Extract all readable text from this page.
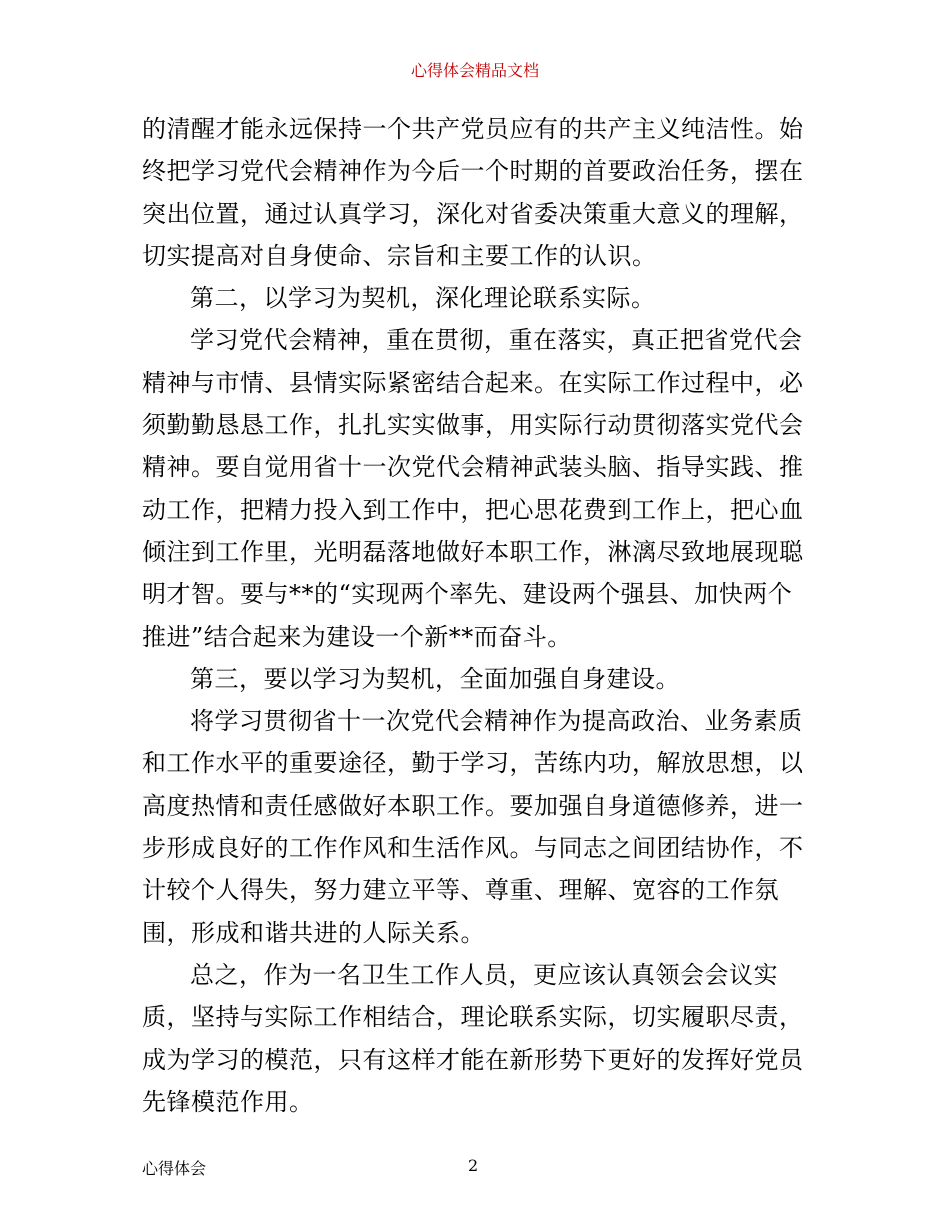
心得体会精品文档

的清醒才能永远保持一个共产党员应有的共产主义纯洁性。始终把学习党代会精神作为今后一个时期的首要政治任务，摆在突出位置，通过认真学习，深化对省委决策重大意义的理解，切实提高对自身使命、宗旨和主要工作的认识。

第二，以学习为契机，深化理论联系实际。

学习党代会精神，重在贯彻，重在落实，真正把省党代会精神与市情、县情实际紧密结合起来。在实际工作过程中，必须勤勤恳恳工作，扎扎实实做事，用实际行动贯彻落实党代会精神。要自觉用省十一次党代会精神武装头脑、指导实践、推动工作，把精力投入到工作中，把心思花费到工作上，把心血倾注到工作里，光明磊落地做好本职工作，淋漓尽致地展现聪明才智。要与**的“实现两个率先、建设两个强县、加快两个推进”结合起来为建设一个新**而奋斗。

第三，要以学习为契机，全面加强自身建设。

将学习贯彻省十一次党代会精神作为提高政治、业务素质和工作水平的重要途径，勤于学习，苦练内功，解放思想，以高度热情和责任感做好本职工作。要加强自身道德修养，进一步形成良好的工作作风和生活作风。与同志之间团结协作，不计较个人得失，努力建立平等、尊重、理解、宽容的工作氛围，形成和谐共进的人际关系。

总之，作为一名卫生工作人员，更应该认真领会会议实质，坚持与实际工作相结合，理论联系实际，切实履职尽责，成为学习的模范，只有这样才能在新形势下更好的发挥好党员先锋模范作用。

心得体会	2
